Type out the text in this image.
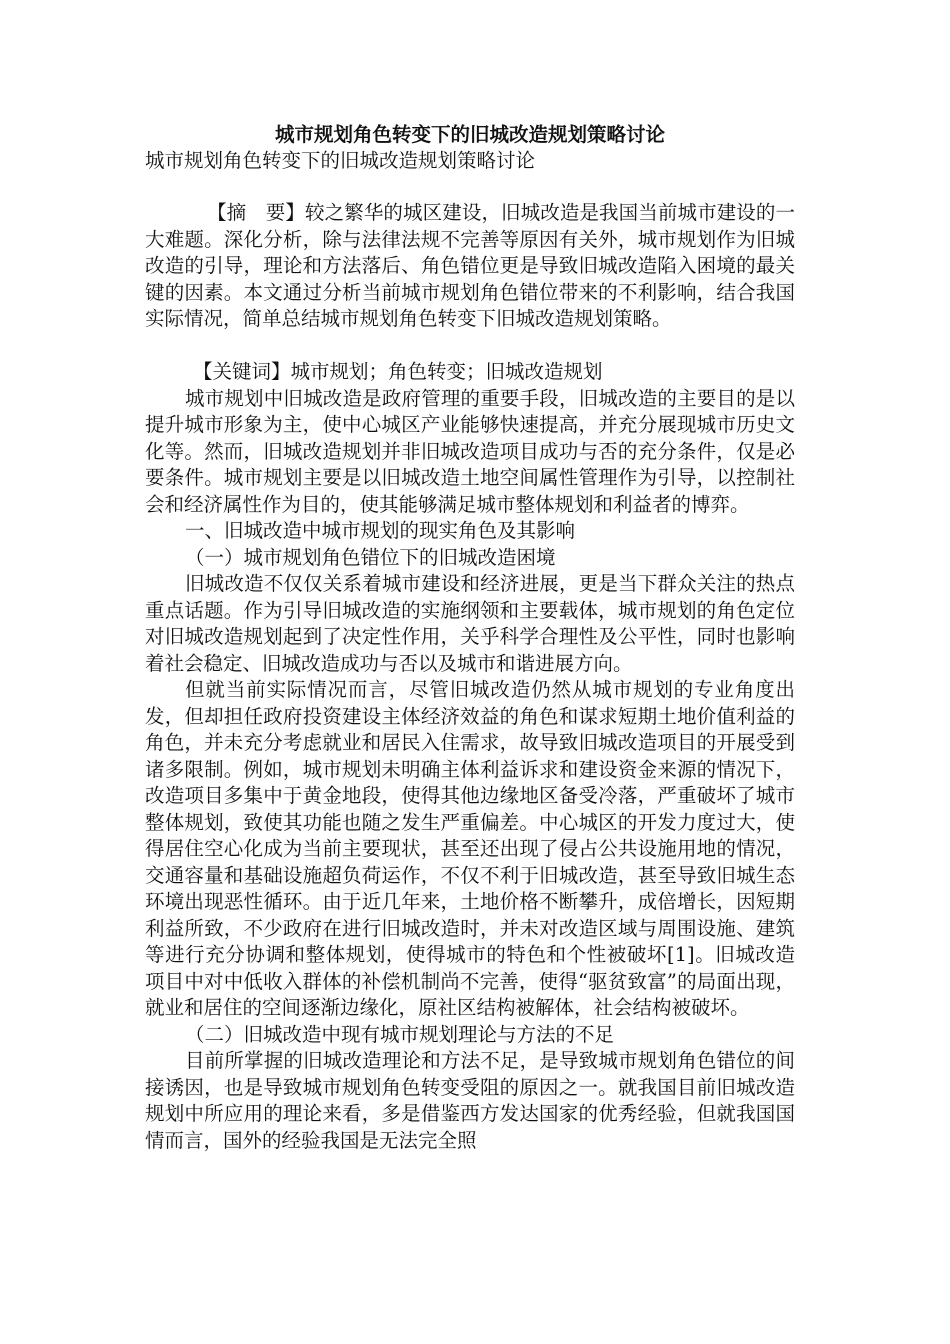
城市规划角色转变下的旧城改造规划策略讨论
城市规划角色转变下的旧城改造规划策略讨论

【摘　要】较之繁华的城区建设，旧城改造是我国当前城市建设的一大难题。深化分析，除与法律法规不完善等原因有关外，城市规划作为旧城改造的引导，理论和方法落后、角色错位更是导致旧城改造陷入困境的最关键的因素。本文通过分析当前城市规划角色错位带来的不利影响，结合我国实际情况，简单总结城市规划角色转变下旧城改造规划策略。

【关键词】城市规划；角色转变；旧城改造规划

城市规划中旧城改造是政府管理的重要手段，旧城改造的主要目的是以提升城市形象为主，使中心城区产业能够快速提高，并充分展现城市历史文化等。然而，旧城改造规划并非旧城改造项目成功与否的充分条件，仅是必要条件。城市规划主要是以旧城改造土地空间属性管理作为引导，以控制社会和经济属性作为目的，使其能够满足城市整体规划和利益者的博弈。

一、旧城改造中城市规划的现实角色及其影响

（一）城市规划角色错位下的旧城改造困境

旧城改造不仅仅关系着城市建设和经济进展，更是当下群众关注的热点重点话题。作为引导旧城改造的实施纲领和主要载体，城市规划的角色定位对旧城改造规划起到了决定性作用，关乎科学合理性及公平性，同时也影响着社会稳定、旧城改造成功与否以及城市和谐进展方向。

但就当前实际情况而言，尽管旧城改造仍然从城市规划的专业角度出发，但却担任政府投资建设主体经济效益的角色和谋求短期土地价值利益的角色，并未充分考虑就业和居民入住需求，故导致旧城改造项目的开展受到诸多限制。例如，城市规划未明确主体利益诉求和建设资金来源的情况下，改造项目多集中于黄金地段，使得其他边缘地区备受冷落，严重破坏了城市整体规划，致使其功能也随之发生严重偏差。中心城区的开发力度过大，使得居住空心化成为当前主要现状，甚至还出现了侵占公共设施用地的情况，交通容量和基础设施超负荷运作，不仅不利于旧城改造，甚至导致旧城生态环境出现恶性循环。由于近几年来，土地价格不断攀升，成倍增长，因短期利益所致，不少政府在进行旧城改造时，并未对改造区域与周围设施、建筑等进行充分协调和整体规划，使得城市的特色和个性被破坏[1]。旧城改造项目中对中低收入群体的补偿机制尚不完善，使得“驱贫致富”的局面出现，就业和居住的空间逐渐边缘化，原社区结构被解体，社会结构被破坏。

（二）旧城改造中现有城市规划理论与方法的不足

目前所掌握的旧城改造理论和方法不足，是导致城市规划角色错位的间接诱因，也是导致城市规划角色转变受阻的原因之一。就我国目前旧城改造规划中所应用的理论来看，多是借鉴西方发达国家的优秀经验，但就我国国情而言，国外的经验我国是无法完全照
